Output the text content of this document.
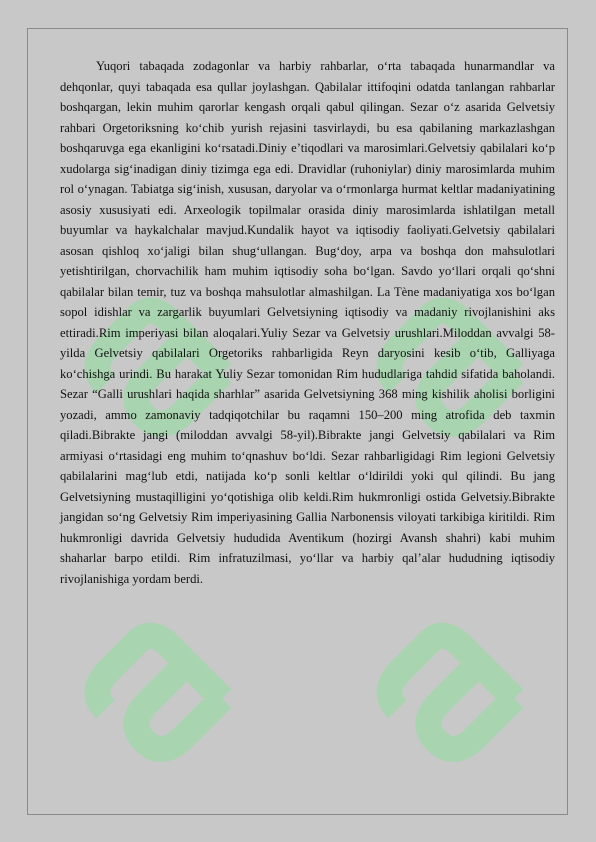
Yuqori tabaqada zodagonlar va harbiy rahbarlar, o‘rta tabaqada hunarmandlar va dehqonlar, quyi tabaqada esa qullar joylashgan. Qabilalar ittifoqini odatda tanlangan rahbarlar boshqargan, lekin muhim qarorlar kengash orqali qabul qilingan. Sezar o‘z asarida Gelvetsiy rahbari Orgetoriksning ko‘chib yurish rejasini tasvirlaydi, bu esa qabilaning markazlashgan boshqaruvga ega ekanligini ko‘rsatadi.Diniy e’tiqodlari va marosimlari.Gelvetsiy qabilalari ko‘p xudolarga sig‘inadigan diniy tizimga ega edi. Dravidlar (ruhoniylar) diniy marosimlarda muhim rol o‘ynagan. Tabiatga sig‘inish, xususan, daryolar va o‘rmonlarga hurmat keltlar madaniyatining asosiy xususiyati edi. Arxeologik topilmalar orasida diniy marosimlarda ishlatilgan metall buyumlar va haykalchalar mavjud.Kundalik hayot va iqtisodiy faoliyati.Gelvetsiy qabilalari asosan qishloq xo‘jaligi bilan shug‘ullangan. Bug‘doy, arpa va boshqa don mahsulotlari yetishtirilgan, chorvachilik ham muhim iqtisodiy soha bo‘lgan. Savdo yo‘llari orqali qo‘shni qabilalar bilan temir, tuz va boshqa mahsulotlar almashilgan. La Tène madaniyatiga xos bo‘lgan sopol idishlar va zargarlik buyumlari Gelvetsiyning iqtisodiy va madaniy rivojlanishini aks ettiradi.Rim imperiyasi bilan aloqalari.Yuliy Sezar va Gelvetsiy urushlari.Miloddan avvalgi 58-yilda Gelvetsiy qabilalari Orgetoriks rahbarligida Reyn daryosini kesib o‘tib, Galliyaga ko‘chishga urindi. Bu harakat Yuliy Sezar tomonidan Rim hududlariga tahdid sifatida baholandi. Sezar “Galli urushlari haqida sharhlar” asarida Gelvetsiyning 368 ming kishilik aholisi borligini yozadi, ammo zamonaviy tadqiqotchilar bu raqamni 150–200 ming atrofida deb taxmin qiladi.Bibrakte jangi (miloddan avvalgi 58-yil).Bibrakte jangi Gelvetsiy qabilalari va Rim armiyasi o‘rtasidagi eng muhim to‘qnashuv bo‘ldi. Sezar rahbarligidagi Rim legioni Gelvetsiy qabilalarini mag‘lub etdi, natijada ko‘p sonli keltlar o‘ldirildi yoki qul qilindi. Bu jang Gelvetsiyning mustaqilligini yo‘qotishiga olib keldi.Rim hukmronligi ostida Gelvetsiy.Bibrakte jangidan so‘ng Gelvetsiy Rim imperiyasining Gallia Narbonensis viloyati tarkibiga kiritildi. Rim hukmronligi davrida Gelvetsiy hududida Aventikum (hozirgi Avansh shahri) kabi muhim shaharlar barpo etildi. Rim infratuzilmasi, yo‘llar va harbiy qal’alar hududning iqtisodiy rivojlanishiga yordam berdi.
